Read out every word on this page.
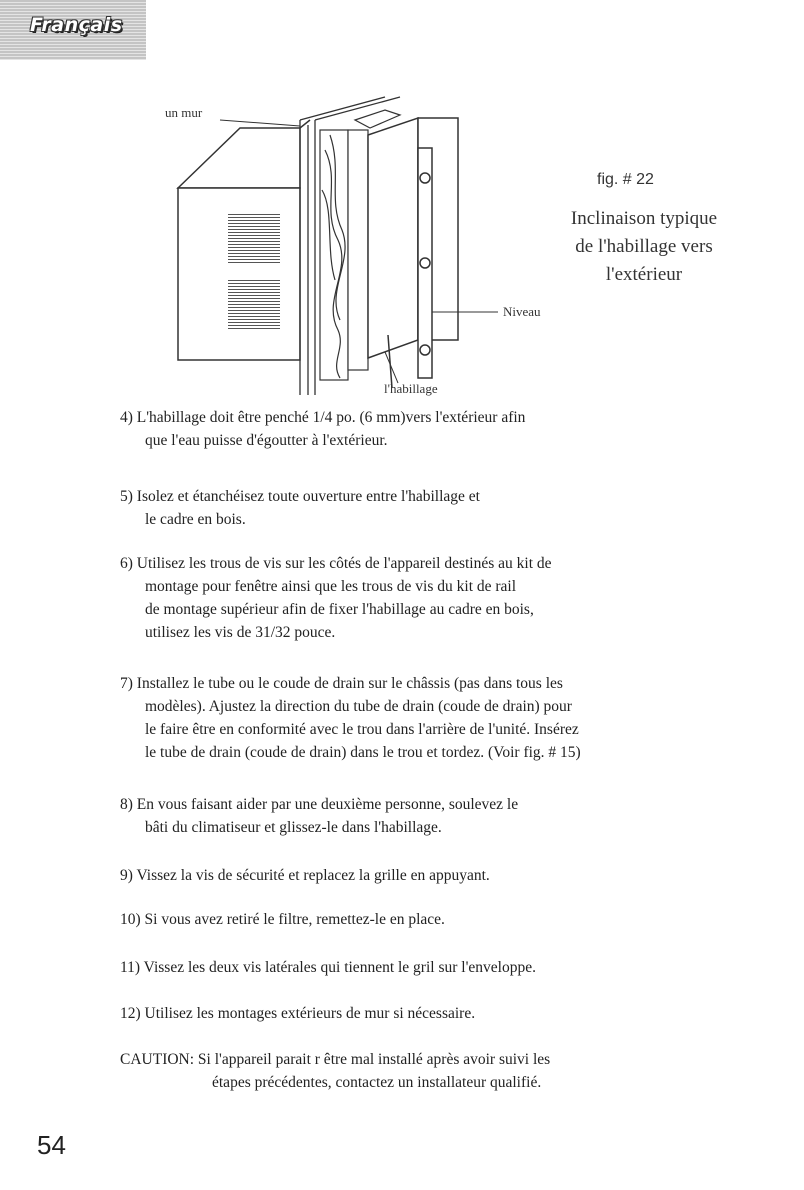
Français
un mur
Niveau
l'habillage
fig. # 22
Inclinaison typique
de l'habillage vers
l'extérieur
4) L'habillage doit être penché 1/4 po. (6 mm)vers l'extérieur afin
que l'eau puisse d'égoutter à l'extérieur.
5) Isolez et étanchéisez toute ouverture entre l'habillage et
le cadre en bois.
6) Utilisez les trous de vis sur les côtés de l'appareil destinés au kit de
montage pour fenêtre ainsi que les trous de vis du kit de rail
de montage supérieur afin de fixer l'habillage au cadre en bois,
utilisez les vis de 31/32 pouce.
7) Installez le tube ou le coude de drain sur le châssis (pas dans tous les
modèles). Ajustez la direction du tube de drain (coude de drain) pour
le faire être en conformité avec le trou dans l'arrière de l'unité. Insérez
le tube de drain (coude de drain) dans le trou et tordez. (Voir fig. # 15)
8) En vous faisant aider par une deuxième personne, soulevez le
bâti du climatiseur et glissez-le dans l'habillage.
9) Vissez la vis de sécurité et replacez la grille en appuyant.
10) Si vous avez retiré le filtre, remettez-le en place.
11) Vissez les deux vis latérales qui tiennent le gril sur l'enveloppe.
12) Utilisez les montages extérieurs de mur si nécessaire.
CAUTION: Si l'appareil parait r être mal installé après avoir suivi les
étapes précédentes, contactez un installateur qualifié.
54
